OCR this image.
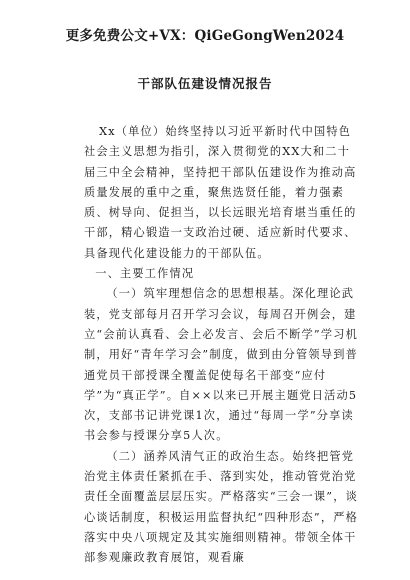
更多免费公文+VX：QiGeGongWen2024
干部队伍建设情况报告

Xx（单位）始终坚持以习近平新时代中国特色社会主义思想为指引，深入贯彻党的XX大和二十届三中全会精神，坚持把干部队伍建设作为推动高质量发展的重中之重，聚焦选贤任能，着力强素质、树导向、促担当，以长远眼光培育堪当重任的干部，精心锻造一支政治过硬、适应新时代要求、具备现代化建设能力的干部队伍。

一、主要工作情况

（一）筑牢理想信念的思想根基。深化理论武装，党支部每月召开学习会议，每周召开例会，建立“会前认真看、会上必发言、会后不断学”学习机制，用好“青年学习会”制度，做到由分管领导到普通党员干部授课全覆盖促使每名干部变“应付学”为“真正学”。自××以来已开展主题党日活动5次，支部书记讲党课1次，通过“每周一学”分享读书会参与授课分享5人次。

（二）涵养风清气正的政治生态。始终把管党治党主体责任紧抓在手、落到实处，推动管党治党责任全面覆盖层层压实。严格落实“三会一课”，谈心谈话制度，积极运用监督执纪“四种形态”，严格落实中央八项规定及其实施细则精神。带领全体干部参观廉政教育展馆，观看廉
